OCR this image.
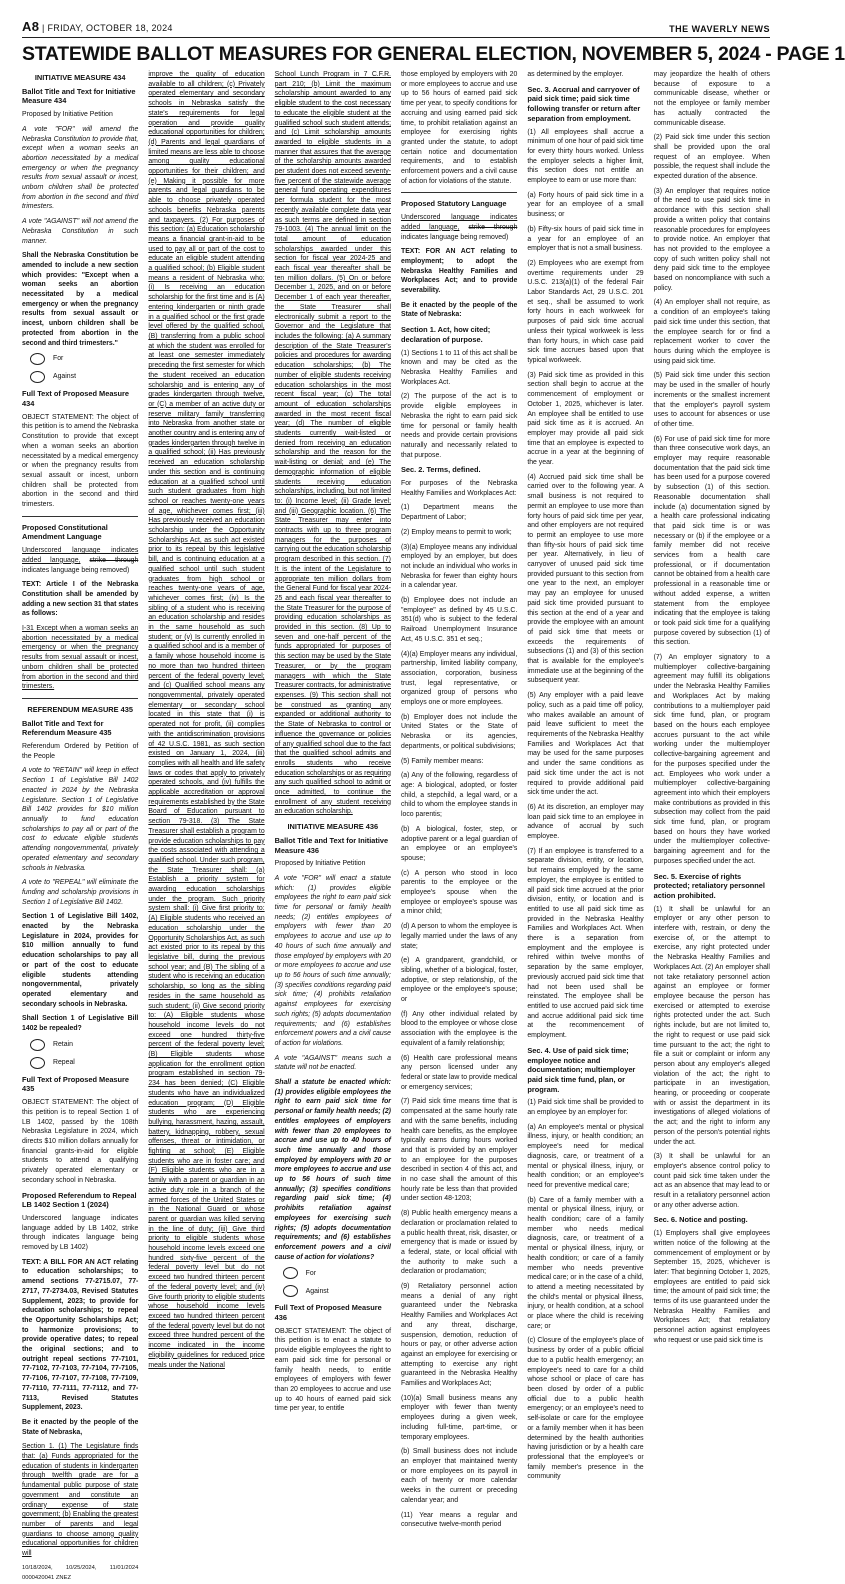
A8 | FRIDAY, OCTOBER 18, 2024	THE WAVERLY NEWS
STATEWIDE BALLOT MEASURES FOR GENERAL ELECTION, NOVEMBER 5, 2024 - PAGE 1
INITIATIVE MEASURE 434
Ballot Title and Text for Initiative Measure 434

Proposed by Initiative Petition

A vote "FOR" will amend the Nebraska Constitution to provide that, except when a woman seeks an abortion necessitated by a medical emergency or when the pregnancy results from sexual assault or incest, unborn children shall be protected from abortion in the second and third trimesters.

A vote "AGAINST" will not amend the Nebraska Constitution in such manner.

Shall the Nebraska Constitution be amended to include a new section which provides: "Except when a woman seeks an abortion necessitated by a medical emergency or when the pregnancy results from sexual assault or incest, unborn children shall be protected from abortion in the second and third trimesters."

For
Against
Full Text of Proposed Measure 434

OBJECT STATEMENT: The object of this petition is to amend the Nebraska Constitution to provide that except when a woman seeks an abortion necessitated by a medical emergency or when the pregnancy results from sexual assault or incest, unborn children shall be protected from abortion in the second and third trimesters.

Proposed Constitutional Amendment Language

Underscored language indicates added language, strike through indicates language being removed)

TEXT: Article I of the Nebraska Constitution shall be amended by adding a new section 31 that states as follows:

I-31 Except when a woman seeks an abortion necessitated by a medical emergency or when the pregnancy results from sexual assault or incest, unborn children shall be protected from abortion in the second and third trimesters.

REFERENDUM MEASURE 435
Ballot Title and Text for Referendum Measure 435

Referendum Ordered by Petition of the People

A vote to "RETAIN" will keep in effect Section 1 of Legislative Bill 1402 enacted in 2024 by the Nebraska Legislature. Section 1 of Legislative Bill 1402 provides for $10 million annually to fund education scholarships to pay all or part of the cost to educate eligible students attending nongovernmental, privately operated elementary and secondary schools in Nebraska.

A vote to "REPEAL" will eliminate the funding and scholarship provisions in Section 1 of Legislative Bill 1402.

Section 1 of Legislative Bill 1402, enacted by the Nebraska Legislature in 2024, provides for $10 million annually to fund education scholarships to pay all or part of the cost to educate eligible students attending nongovernmental, privately operated elementary and secondary schools in Nebraska.

Shall Section 1 of Legislative Bill 1402 be repealed?

Retain
Repeal
Full Text of Proposed Measure 435

OBJECT STATEMENT: The object of this petition is to repeal Section 1 of LB 1402, passed by the 108th Nebraska Legislature in 2024, which directs $10 million dollars annually for financial grants-in-aid for eligible students to attend a qualifying privately operated elementary or secondary school in Nebraska.

Proposed Referendum to Repeal LB 1402 Section 1 (2024)

Underscored language indicates language added by LB 1402, strike through indicates language being removed by LB 1402)

TEXT: A BILL FOR AN ACT relating to education scholarships; to amend sections 77-2715.07, 77-2717, 77-2734.03, Revised Statutes Supplement, 2023; to provide for education scholarships; to repeal the Opportunity Scholarships Act; to harmonize provisions; to provide operative dates; to repeal the original sections; and to outright repeal sections 77-7101, 77-7102, 77-7103, 77-7104, 77-7105, 77-7106, 77-7107, 77-7108, 77-7109, 77-7110, 77-7111, 77-7112, and 77-7113, Revised Statutes Supplement, 2023.

Be it enacted by the people of the State of Nebraska,

Section 1. (1) The Legislature finds that: (a) Funds appropriated for the education of students in kindergarten through twelfth grade are for a fundamental public purpose of state government and constitute an ordinary expense of state government; (b) Enabling the greatest number of parents and legal guardians to choose among quality educational opportunities for children will

10/18/2024, 10/25/2024, 11/01/2024 0000420041 ZNEZ

improve the quality of education available to all children; (c) Privately operated elementary and secondary schools in Nebraska satisfy the state's requirements for legal operation and provide quality educational opportunities for children; (d) Parents and legal guardians of limited means are less able to choose among quality educational opportunities for their children; and (e) Making it possible for more parents and legal guardians to be able to choose privately operated schools benefits Nebraska parents and taxpayers. (2) For purposes of this section: (a) Education scholarship means a financial grant-in-aid to be used to pay all or part of the cost to educate an eligible student attending a qualified school; (b) Eligible student means a resident of Nebraska who: (i) Is receiving an education scholarship for the first time and is (A) entering kindergarten or ninth grade in a qualified school or the first grade level offered by the qualified school, (B) transferring from a public school at which the student was enrolled for at least one semester immediately preceding the first semester for which the student received an education scholarship and is entering any of grades kindergarten through twelve, or (C) a member of an active duty or reserve military family transferring into Nebraska from another state or another country and is entering any of grades kindergarten through twelve in a qualified school; (ii) Has previously received an education scholarship under this section and is continuing education at a qualified school until such student graduates from high school or reaches twenty-one years of age, whichever comes first; (iii) Has previously received an education scholarship under the Opportunity Scholarships Act, as such act existed prior to its repeal by this legislative bill, and is continuing education at a qualified school until such student graduates from high school or reaches twenty-one years of age, whichever comes first; (iv) Is the sibling of a student who is receiving an education scholarship and resides in the same household as such student; or (v) Is currently enrolled in a qualified school and is a member of a family whose household income is no more than two hundred thirteen percent of the federal poverty level; and (c) Qualified school means any nongovernmental, privately operated elementary or secondary school located in this state that (i) is operated not for profit, (ii) complies with the antidiscrimination provisions of 42 U.S.C. 1981, as such section existed on January 1, 2024, (iii) complies with all health and life safety laws or codes that apply to privately operated schools, and (iv) fulfills the applicable accreditation or approval requirements established by the State Board of Education pursuant to section 79-318. (3) The State Treasurer shall establish a program to provide education scholarships to pay the costs associated with attending a qualified school. Under such program, the State Treasurer shall: (a) Establish a priority system for awarding education scholarships under the program. Such priority system shall: (i) Give first priority to: (A) Eligible students who received an education scholarship under the Opportunity Scholarships Act, as such act existed prior to its repeal by this legislative bill, during the previous school year; and (B) The sibling of a student who is receiving an education scholarship, so long as the sibling resides in the same household as such student; (ii) Give second priority to: (A) Eligible students whose household income levels do not exceed one hundred thirty-five percent of the federal poverty level; (B) Eligible students whose application for the enrollment option program established in section 79-234 has been denied; (C) Eligible students who have an individualized education program; (D) Eligible students who are experiencing bullying, harassment, hazing, assault, battery, kidnapping, robbery, sexual offenses, threat or intimidation, or fighting at school; (E) Eligible students who are in foster care; and (F) Eligible students who are in a family with a parent or guardian in an active duty role in a branch of the armed forces of the United States or in the National Guard or whose parent or guardian was killed serving in the line of duty; (iii) Give third priority to eligible students whose household income levels exceed one hundred sixty-five percent of the federal poverty level but do not exceed two hundred thirteen percent of the federal poverty level; and (iv) Give fourth priority to eligible students whose household income levels exceed two hundred thirteen percent of the federal poverty level but do not exceed three hundred percent of the income indicated in the income eligibility guidelines for reduced price meals under the National

School Lunch Program in 7 C.F.R. part 210; (b) Limit the maximum scholarship amount awarded to any eligible student to the cost necessary to educate the eligible student at the qualified school such student attends; and (c) Limit scholarship amounts awarded to eligible students in a manner that assures that the average of the scholarship amounts awarded per student does not exceed seventy-five percent of the statewide average general fund operating expenditures per formula student for the most recently available complete data year as such terms are defined in section 79-1003. (4) The annual limit on the total amount of education scholarships awarded under this section for fiscal year 2024-25 and each fiscal year thereafter shall be ten million dollars. (5) On or before December 1, 2025, and on or before December 1 of each year thereafter, the State Treasurer shall electronically submit a report to the Governor and the Legislature that includes the following: (a) A summary description of the State Treasurer's policies and procedures for awarding education scholarships; (b) The number of eligible students receiving education scholarships in the most recent fiscal year; (c) The total amount of education scholarships awarded in the most recent fiscal year; (d) The number of eligible students currently wait-listed or denied from receiving an education scholarship and the reason for the wait-listing or denial; and (e) The demographic information of eligible students receiving education scholarships, including, but not limited to: (i) Income level; (ii) Grade level; and (iii) Geographic location. (6) The State Treasurer may enter into contracts with up to three program managers for the purposes of carrying out the education scholarship program described in this section. (7) It is the intent of the Legislature to appropriate ten million dollars from the General Fund for fiscal year 2024-25 and each fiscal year thereafter to the State Treasurer for the purpose of providing education scholarships as provided in this section. (8) Up to seven and one-half percent of the funds appropriated for purposes of this section may be used by the State Treasurer, or by the program managers with which the State Treasurer contracts, for administrative expenses. (9) This section shall not be construed as granting any expanded or additional authority to the State of Nebraska to control or influence the governance or policies of any qualified school due to the fact that the qualified school admits and enrolls students who receive education scholarships or as requiring any such qualified school to admit or once admitted, to continue the enrollment of any student receiving an education scholarship.

INITIATIVE MEASURE 436
Ballot Title and Text for Initiative Measure 436

Proposed by Initiative Petition

A vote "FOR" will enact a statute which: (1) provides eligible employees the right to earn paid sick time for personal or family health needs; (2) entitles employees of employers with fewer than 20 employees to accrue and use up to 40 hours of such time annually and those employed by employers with 20 or more employees to accrue and use up to 56 hours of such time annually; (3) specifies conditions regarding paid sick time; (4) prohibits retaliation against employees for exercising such rights; (5) adopts documentation requirements; and (6) establishes enforcement powers and a civil cause of action for violations.

A vote "AGAINST" means such a statute will not be enacted.

Shall a statute be enacted which: (1) provides eligible employees the right to earn paid sick time for personal or family health needs; (2) entitles employees of employers with fewer than 20 employees to accrue and use up to 40 hours of such time annually and those employed by employers with 20 or more employees to accrue and use up to 56 hours of such time annually; (3) specifies conditions regarding paid sick time; (4) prohibits retaliation against employees for exercising such rights; (5) adopts documentation requirements; and (6) establishes enforcement powers and a civil cause of action for violations?

For
Against
Full Text of Proposed Measure 436

OBJECT STATEMENT: The object of this petition is to enact a statute to provide eligible employees the right to earn paid sick time for personal or family health needs, to entitle employees of employers with fewer than 20 employees to accrue and use up to 40 hours of earned paid sick time per year, to entitle

those employed by employers with 20 or more employees to accrue and use up to 56 hours of earned paid sick time per year, to specify conditions for accruing and using earned paid sick time, to prohibit retaliation against an employee for exercising rights granted under the statute, to adopt certain notice and documentation requirements, and to establish enforcement powers and a civil cause of action for violations of the statute.

Proposed Statutory Language

Underscored language indicates added language, strike through indicates language being removed)

TEXT: FOR AN ACT relating to employment; to adopt the Nebraska Healthy Families and Workplaces Act; and to provide severability.

Be it enacted by the people of the State of Nebraska:

Section 1. Act, how cited; declaration of purpose.

(1) Sections 1 to 11 of this act shall be known and may be cited as the Nebraska Healthy Families and Workplaces Act.

(2) The purpose of the act is to provide eligible employees in Nebraska the right to earn paid sick time for personal or family health needs and provide certain provisions naturally and necessarily related to that purpose.

Sec. 2. Terms, defined.

For purposes of the Nebraska Healthy Families and Workplaces Act:

(1) Department means the Department of Labor;

(2) Employ means to permit to work;

(3)(a) Employee means any individual employed by an employer, but does not include an individual who works in Nebraska for fewer than eighty hours in a calendar year.

(b) Employee does not include an "employee" as defined by 45 U.S.C. 351(d) who is subject to the federal Railroad Unemployment Insurance Act, 45 U.S.C. 351 et seq.;

(4)(a) Employer means any individual, partnership, limited liability company, association, corporation, business trust, legal representative, or organized group of persons who employs one or more employees.

(b) Employer does not include the United States or the State of Nebraska or its agencies, departments, or political subdivisions;

(5) Family member means:

(a) Any of the following, regardless of age: A biological, adopted, or foster child, a stepchild, a legal ward, or a child to whom the employee stands in loco parentis;

(b) A biological, foster, step, or adoptive parent or a legal guardian of an employee or an employee's spouse;

(c) A person who stood in loco parentis to the employee or the employee's spouse when the employee or employee's spouse was a minor child;

(d) A person to whom the employee is legally married under the laws of any state;

(e) A grandparent, grandchild, or sibling, whether of a biological, foster, adoptive, or step relationship, of the employee or the employee's spouse; or

(f) Any other individual related by blood to the employee or whose close association with the employee is the equivalent of a family relationship;

(6) Health care professional means any person licensed under any federal or state law to provide medical or emergency services;

(7) Paid sick time means time that is compensated at the same hourly rate and with the same benefits, including health care benefits, as the employee typically earns during hours worked and that is provided by an employer to an employee for the purposes described in section 4 of this act, and in no case shall the amount of this hourly rate be less than that provided under section 48-1203;

(8) Public health emergency means a declaration or proclamation related to a public health threat, risk, disaster, or emergency that is made or issued by a federal, state, or local official with the authority to make such a declaration or proclamation;

(9) Retaliatory personnel action means a denial of any right guaranteed under the Nebraska Healthy Families and Workplaces Act and any threat, discharge, suspension, demotion, reduction of hours or pay, or other adverse action against an employee for exercising or attempting to exercise any right guaranteed in the Nebraska Healthy Families and Workplaces Act;

(10)(a) Small business means any employer with fewer than twenty employees during a given week, including full-time, part-time, or temporary employees.

(b) Small business does not include an employer that maintained twenty or more employees on its payroll in each of twenty or more calendar weeks in the current or preceding calendar year; and

(11) Year means a regular and consecutive twelve-month period

as determined by the employer.

Sec. 3. Accrual and carryover of paid sick time; paid sick time following transfer or return after separation from employment.

(1) All employees shall accrue a minimum of one hour of paid sick time for every thirty hours worked. Unless the employer selects a higher limit, this section does not entitle an employee to earn or use more than:

(a) Forty hours of paid sick time in a year for an employee of a small business; or

(b) Fifty-six hours of paid sick time in a year for an employee of an employer that is not a small business.

(2) Employees who are exempt from overtime requirements under 29 U.S.C. 213(a)(1) of the federal Fair Labor Standards Act, 29 U.S.C. 201 et seq., shall be assumed to work forty hours in each workweek for purposes of paid sick time accrual unless their typical workweek is less than forty hours, in which case paid sick time accrues based upon that typical workweek.

(3) Paid sick time as provided in this section shall begin to accrue at the commencement of employment or October 1, 2025, whichever is later. An employee shall be entitled to use paid sick time as it is accrued. An employer may provide all paid sick time that an employee is expected to accrue in a year at the beginning of the year.

(4) Accrued paid sick time shall be carried over to the following year. A small business is not required to permit an employee to use more than forty hours of paid sick time per year, and other employers are not required to permit an employee to use more than fifty-six hours of paid sick time per year. Alternatively, in lieu of carryover of unused paid sick time provided pursuant to this section from one year to the next, an employer may pay an employee for unused paid sick time provided pursuant to this section at the end of a year and provide the employee with an amount of paid sick time that meets or exceeds the requirements of subsections (1) and (3) of this section that is available for the employee's immediate use at the beginning of the subsequent year.

(5) Any employer with a paid leave policy, such as a paid time off policy, who makes available an amount of paid leave sufficient to meet the requirements of the Nebraska Healthy Families and Workplaces Act that may be used for the same purposes and under the same conditions as paid sick time under the act is not required to provide additional paid sick time under the act.

(6) At its discretion, an employer may loan paid sick time to an employee in advance of accrual by such employee.

(7) If an employee is transferred to a separate division, entity, or location, but remains employed by the same employer, the employee is entitled to all paid sick time accrued at the prior division, entity, or location and is entitled to use all paid sick time as provided in the Nebraska Healthy Families and Workplaces Act. When there is a separation from employment and the employee is rehired within twelve months of separation by the same employer, previously accrued paid sick time that had not been used shall be reinstated. The employee shall be entitled to use accrued paid sick time and accrue additional paid sick time at the recommencement of employment.

Sec. 4. Use of paid sick time; employee notice and documentation; multiemployer paid sick time fund, plan, or program.

(1) Paid sick time shall be provided to an employee by an employer for:

(a) An employee's mental or physical illness, injury, or health condition; an employee's need for medical diagnosis, care, or treatment of a mental or physical illness, injury, or health condition; or an employee's need for preventive medical care;

(b) Care of a family member with a mental or physical illness, injury, or health condition; care of a family member who needs medical diagnosis, care, or treatment of a mental or physical illness, injury, or health condition; or care of a family member who needs preventive medical care; or in the case of a child, to attend a meeting necessitated by the child's mental or physical illness, injury, or health condition, at a school or place where the child is receiving care; or

(c) Closure of the employee's place of business by order of a public official due to a public health emergency; an employee's need to care for a child whose school or place of care has been closed by order of a public official due to a public health emergency; or an employee's need to self-isolate or care for the employee or a family member when it has been determined by the health authorities having jurisdiction or by a health care professional that the employee's or family member's presence in the community

may jeopardize the health of others because of exposure to a communicable disease, whether or not the employee or family member has actually contracted the communicable disease.

(2) Paid sick time under this section shall be provided upon the oral request of an employee. When possible, the request shall include the expected duration of the absence.

(3) An employer that requires notice of the need to use paid sick time in accordance with this section shall provide a written policy that contains reasonable procedures for employees to provide notice. An employer that has not provided to the employee a copy of such written policy shall not deny paid sick time to the employee based on noncompliance with such a policy.

(4) An employer shall not require, as a condition of an employee's taking paid sick time under this section, that the employee search for or find a replacement worker to cover the hours during which the employee is using paid sick time.

(5) Paid sick time under this section may be used in the smaller of hourly increments or the smallest increment that the employer's payroll system uses to account for absences or use of other time.

(6) For use of paid sick time for more than three consecutive work days, an employer may require reasonable documentation that the paid sick time has been used for a purpose covered by subsection (1) of this section. Reasonable documentation shall include (a) documentation signed by a health care professional indicating that paid sick time is or was necessary or (b) if the employee or a family member did not receive services from a health care professional, or if documentation cannot be obtained from a health care professional in a reasonable time or without added expense, a written statement from the employee indicating that the employee is taking or took paid sick time for a qualifying purpose covered by subsection (1) of this section.

(7) An employer signatory to a multiemployer collective-bargaining agreement may fulfill its obligations under the Nebraska Healthy Families and Workplaces Act by making contributions to a multiemployer paid sick time fund, plan, or program based on the hours each employee accrues pursuant to the act while working under the multiemployer collective-bargaining agreement and for the purposes specified under the act. Employees who work under a multiemployer collective-bargaining agreement into which their employers make contributions as provided in this subsection may collect from the paid sick time fund, plan, or program based on hours they have worked under the multiemployer collective-bargaining agreement and for the purposes specified under the act.

Sec. 5. Exercise of rights protected; retaliatory personnel action prohibited.

(1) It shall be unlawful for an employer or any other person to interfere with, restrain, or deny the exercise of, or the attempt to exercise, any right protected under the Nebraska Healthy Families and Workplaces Act. (2) An employer shall not take retaliatory personnel action against an employee or former employee because the person has exercised or attempted to exercise rights protected under the act. Such rights include, but are not limited to, the right to request or use paid sick time pursuant to the act; the right to file a suit or complaint or inform any person about any employer's alleged violation of the act; the right to participate in an investigation, hearing, or proceeding or cooperate with or assist the department in its investigations of alleged violations of the act; and the right to inform any person of the person's potential rights under the act.

(3) It shall be unlawful for an employer's absence control policy to count paid sick time taken under the act as an absence that may lead to or result in a retaliatory personnel action or any other adverse action.

Sec. 6. Notice and posting.

(1) Employers shall give employees written notice of the following at the commencement of employment or by September 15, 2025, whichever is later: That beginning October 1, 2025, employees are entitled to paid sick time; the amount of paid sick time; the terms of its use guaranteed under the Nebraska Healthy Families and Workplaces Act; that retaliatory personnel action against employees who request or use paid sick time is
